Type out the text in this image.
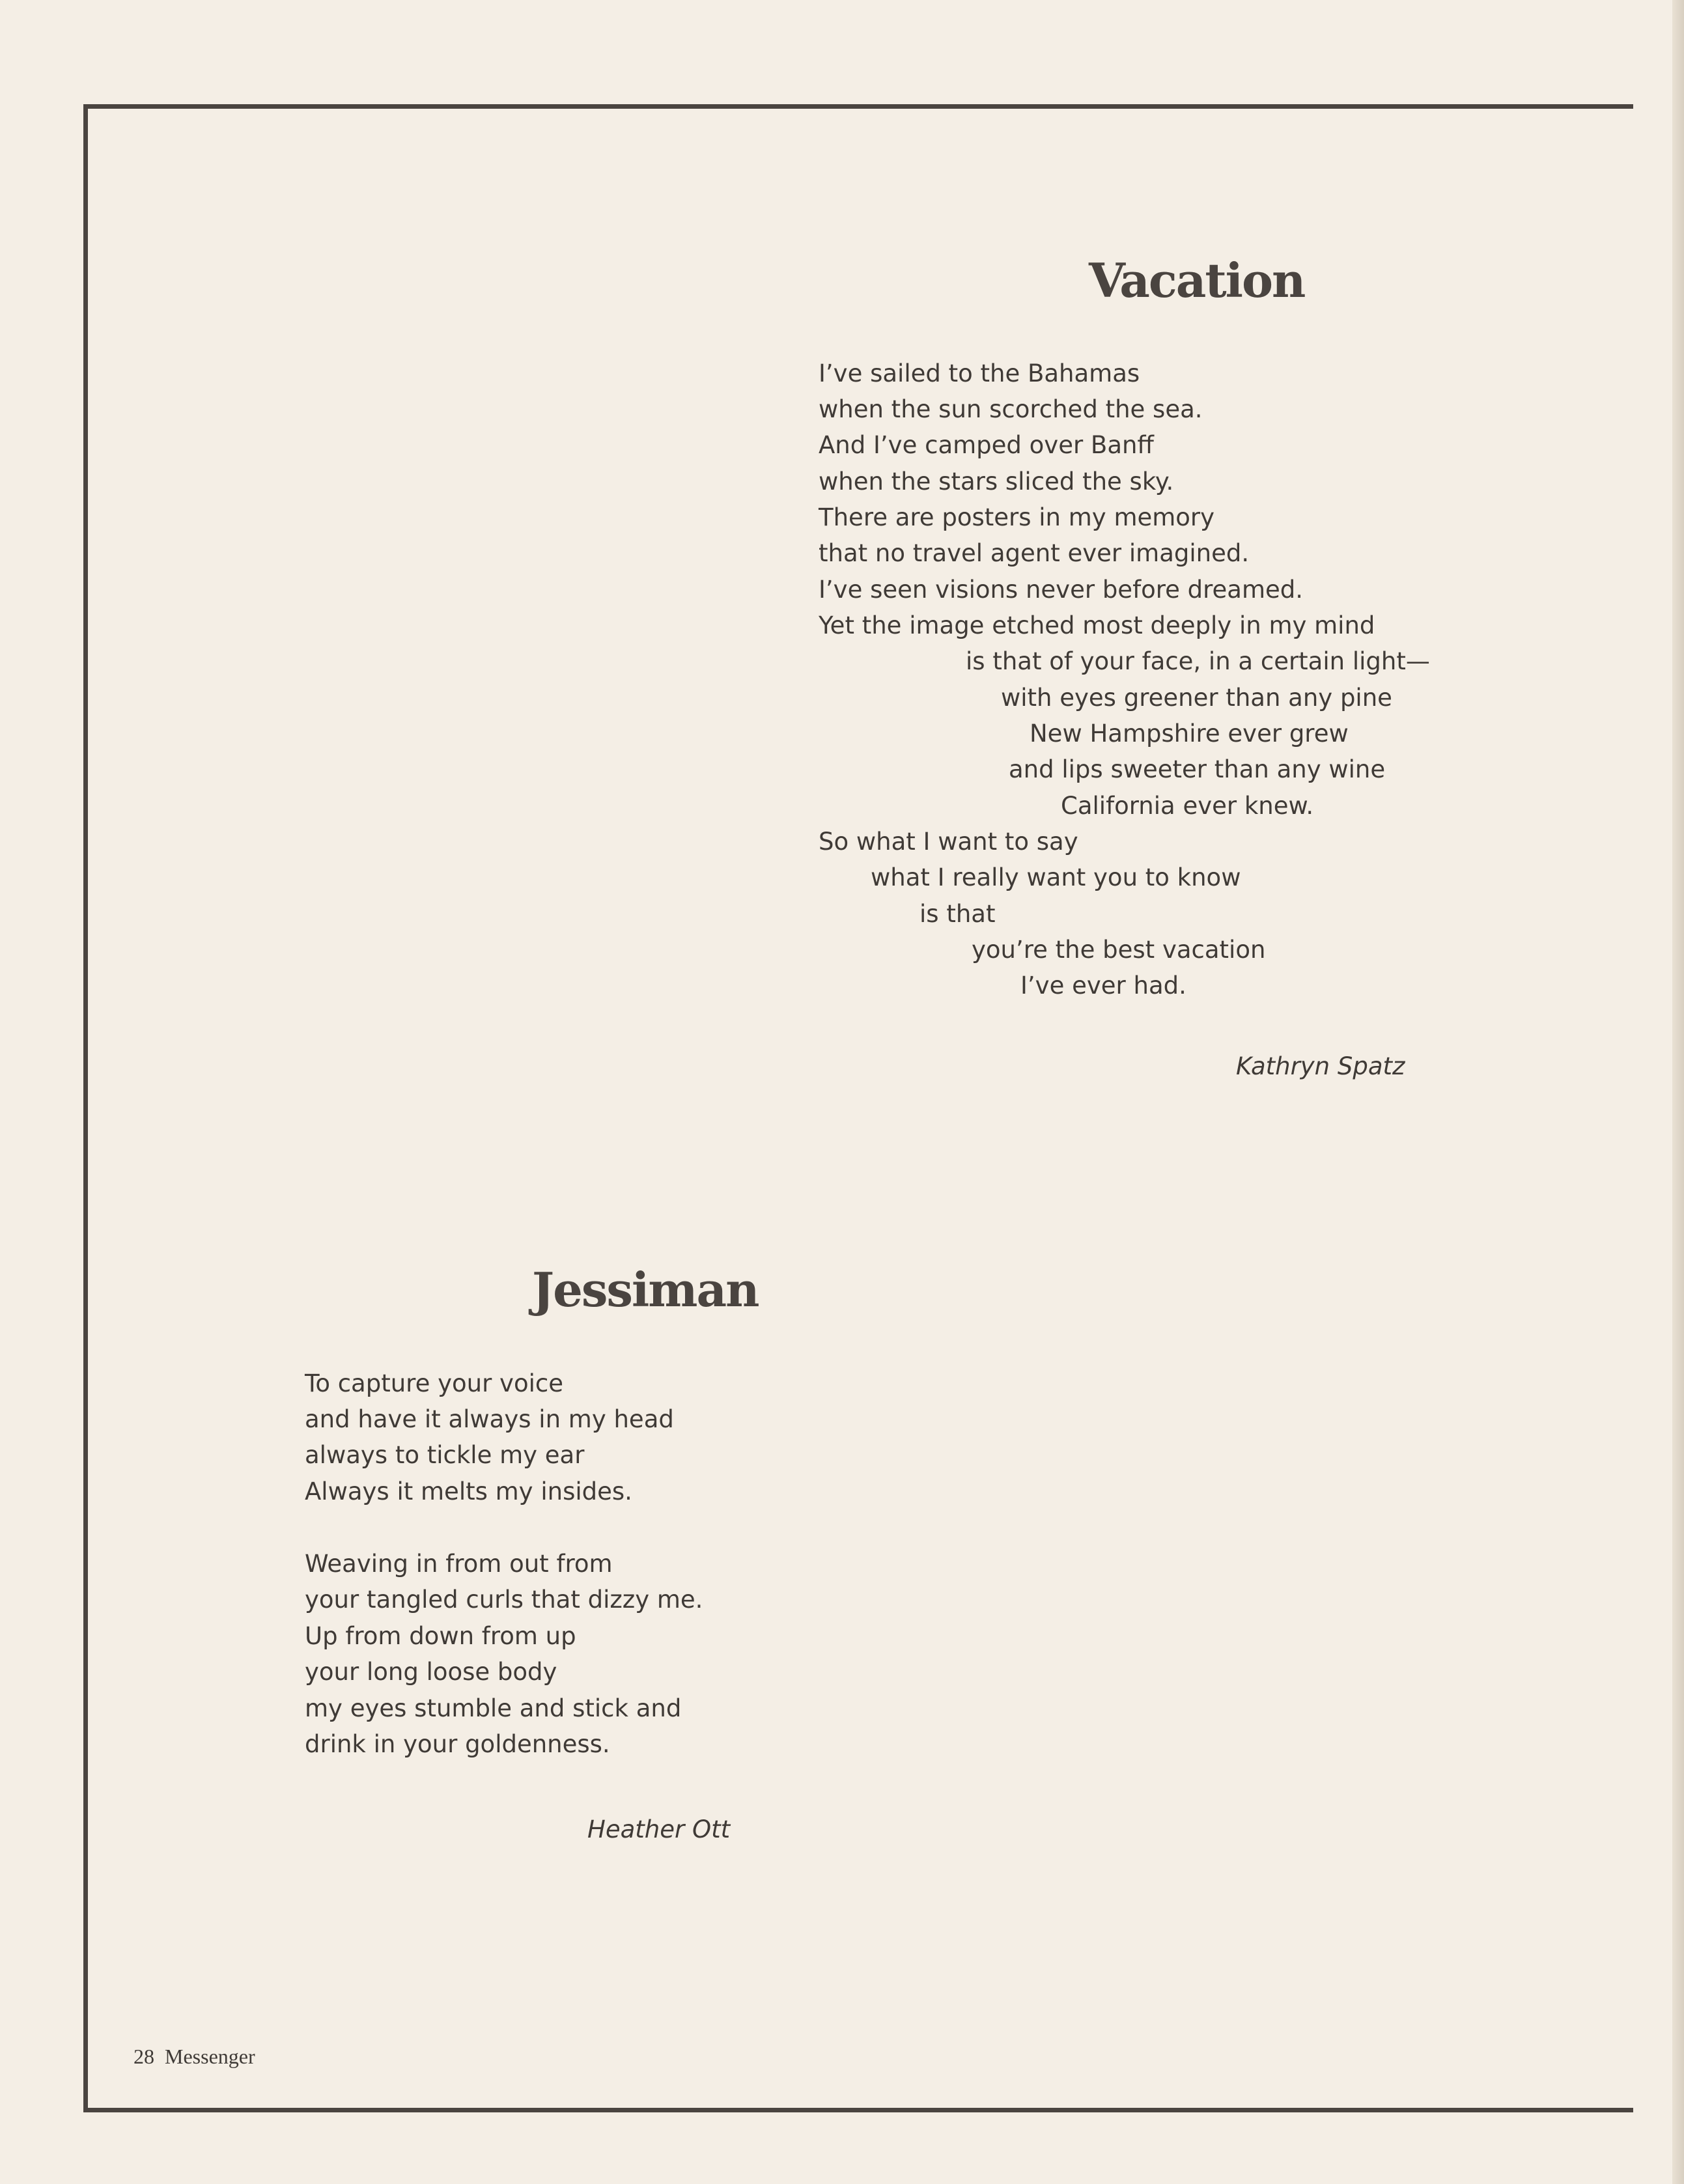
Vacation
I’ve sailed to the Bahamas
when the sun scorched the sea.
And I’ve camped over Banff
when the stars sliced the sky.
There are posters in my memory
that no travel agent ever imagined.
I’ve seen visions never before dreamed.
Yet the image etched most deeply in my mind
is that of your face, in a certain light—
with eyes greener than any pine
New Hampshire ever grew
and lips sweeter than any wine
California ever knew.
So what I want to say
what I really want you to know
is that
you’re the best vacation
I’ve ever had.
Kathryn Spatz
Jessiman
To capture your voice
and have it always in my head
always to tickle my ear
Always it melts my insides.
Weaving in from out from
your tangled curls that dizzy me.
Up from down from up
your long loose body
my eyes stumble and stick and
drink in your goldenness.
Heather Ott
28 Messenger
